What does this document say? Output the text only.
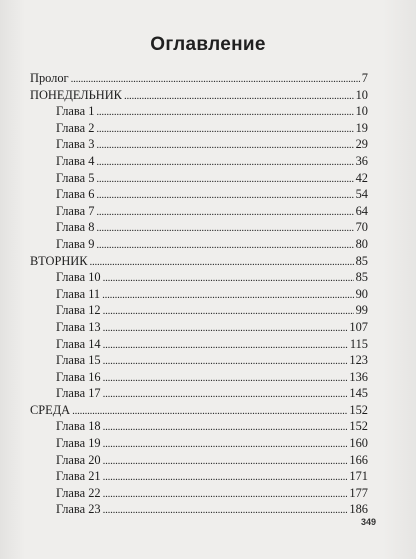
Оглавление
Пролог . . .	7
ПОНЕДЕЛЬНИК . . .	10
Глава 1 . . .	10
Глава 2 . . .	19
Глава 3 . . .	29
Глава 4 . . .	36
Глава 5 . . .	42
Глава 6 . . .	54
Глава 7 . . .	64
Глава 8 . . .	70
Глава 9 . . .	80
ВТОРНИК . . .	85
Глава 10 . . .	85
Глава 11 . . .	90
Глава 12 . . .	99
Глава 13 . . .	107
Глава 14 . . .	115
Глава 15 . . .	123
Глава 16 . . .	136
Глава 17 . . .	145
СРЕДА . . .	152
Глава 18 . . .	152
Глава 19 . . .	160
Глава 20 . . .	166
Глава 21 . . .	171
Глава 22 . . .	177
Глава 23 . . .	186
349
